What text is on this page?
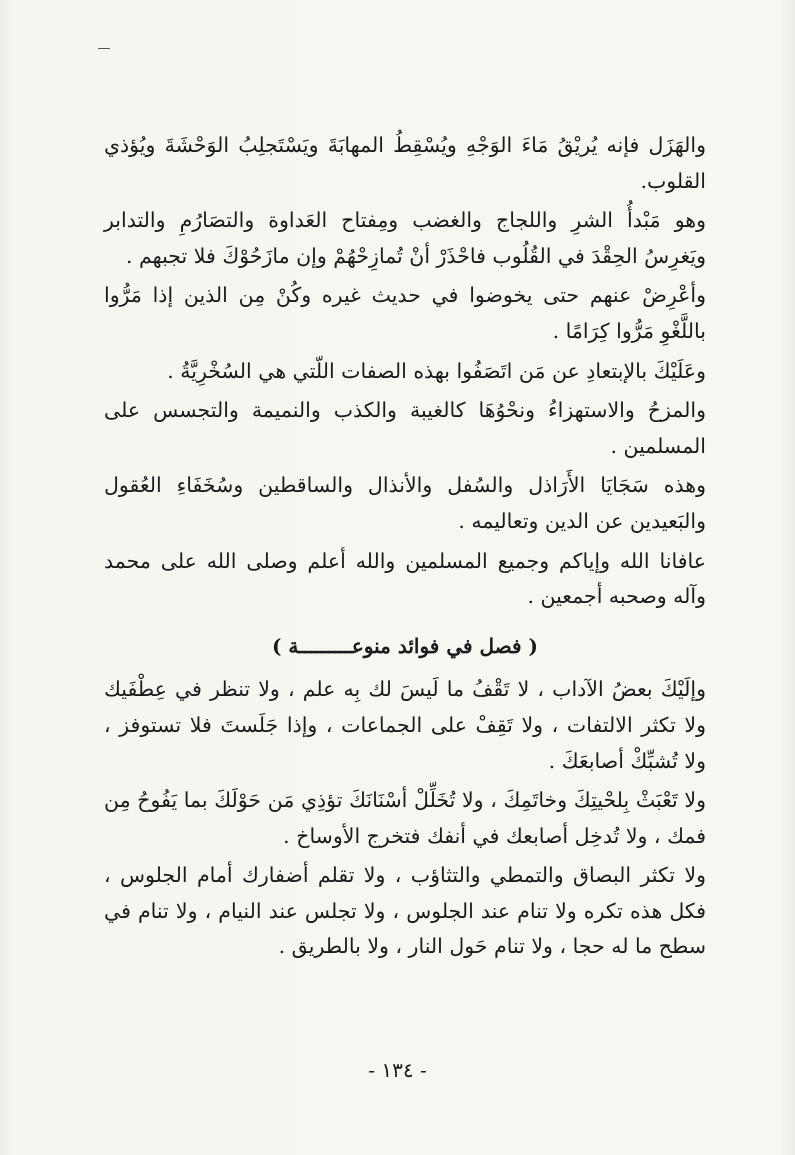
والهَزَل فإنه يُريْقُ مَاءَ الوَجْهِ ويُسْقِطُ المهابَةَ ويَسْتَجلِبُ الوَحْشَةَ ويُؤذي القلوب.

وهو مَبْدأُ الشرِ واللجاج والغضب ومِفتاح العَداوة والتصَارُمِ والتدابر ويَغرِسُ الحِقْدَ في القُلُوب فاحْذَرْ أنْ تُمازِحْهُمْ وإن مازَحُوْكَ فلا تجبهم .

وأعْرِضْ عنهم حتى يخوضوا في حديث غيره وكُنْ مِن الذين إذا مَرُّوا باللَّغْوِ مَرُّوا كِرَامًا .

وعَلَيْكَ بالإبتعادِ عن مَن اتَصَفُوا بهذه الصفات اللّتي هي السُخْرِيَّةُ .

والمزحُ والاستهزاءُ ونحْوُهَا كالغيبة والكذب والنميمة والتجسس على المسلمين .

وهذه سَجَايَا الأَرَاذل والسُفل والأنذال والساقطين وسُخَفَاءِ العُقول والبَعيدين عن الدين وتعاليمه .

عافانا الله وإياكم وجميع المسلمين والله أعلم وصلى الله على محمد وآله وصحبه أجمعين .

( فصل في فوائد منوعـــــــــة )

وإلَيْكَ بعضُ الآداب ، لا تَقْفُ ما لَيسَ لك بِه علم ، ولا تنظر في عِطْفَيك ولا تكثر الالتفات ، ولا تَقِفْ على الجماعات ، وإذا جَلَستَ فلا تستوفز ، ولا تُشبِّكْ أصابعَكَ .

ولا تَعْبَثْ بِلحْيتِكَ وخاتَمِكَ ، ولا تُخَلِّلْ أسْنَانَكَ تؤذِي مَن حَوْلَكَ بما يَفُوحُ مِن فمك ، ولا تُدخِل أصابعك في أنفك فتخرج الأوساخ .

ولا تكثر البصاق والتمطي والتثاؤب ، ولا تقلم أضفارك أمام الجلوس ، فكل هذه تكره ولا تنام عند الجلوس ، ولا تجلس عند النيام ، ولا تنام في سطح ما له حجا ، ولا تنام حَول النار ، ولا بالطريق .

- ١٣٤ -
